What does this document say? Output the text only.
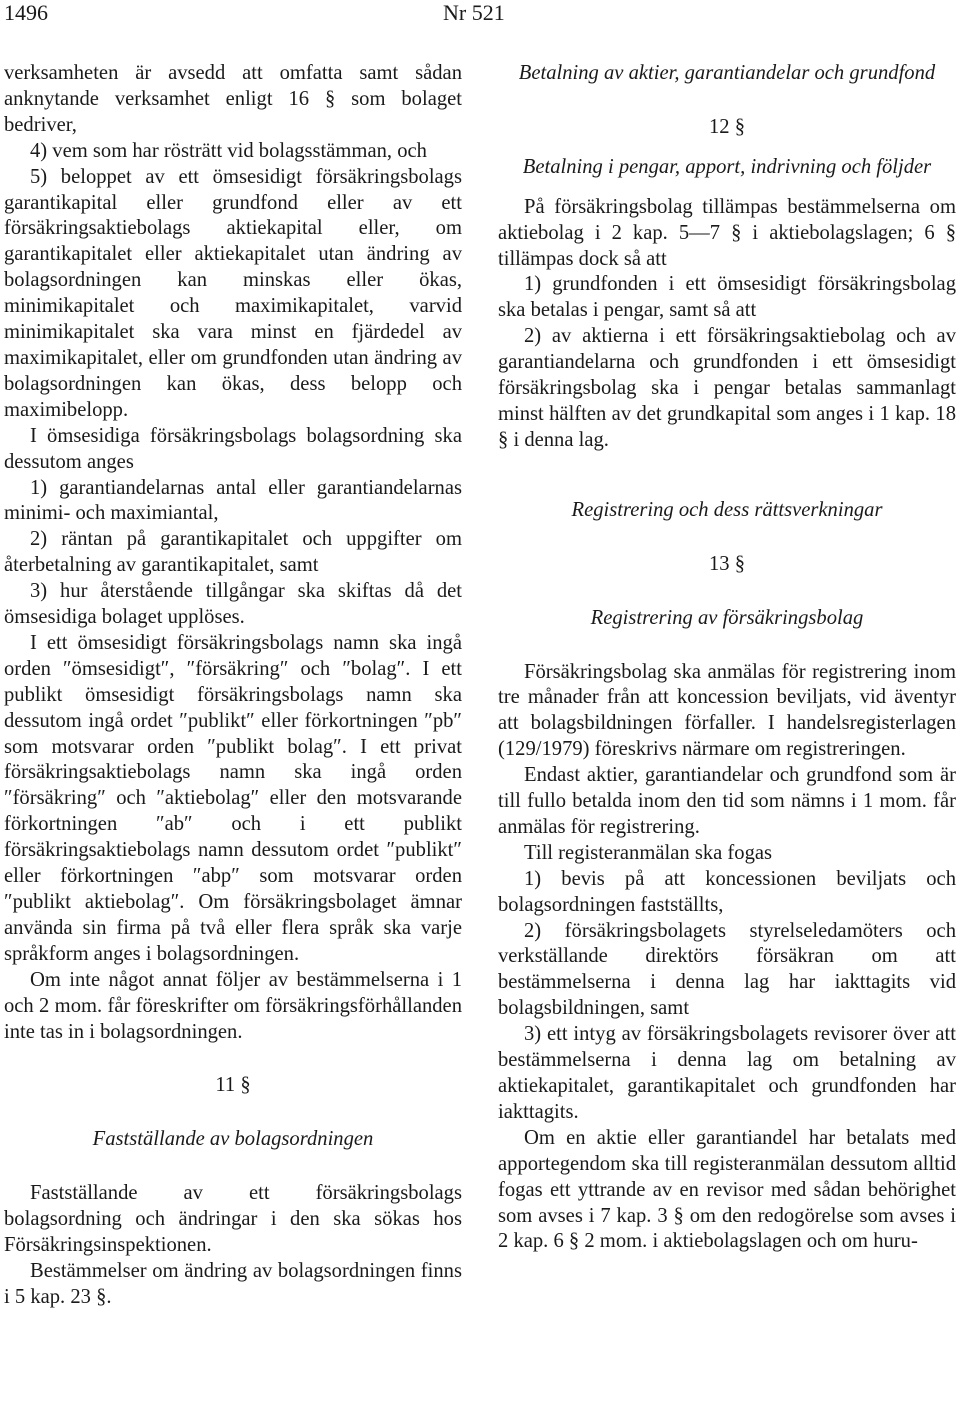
1496	Nr 521

verksamheten är avsedd att omfatta samt sådan anknytande verksamhet enligt 16 § som bolaget bedriver,

4) vem som har rösträtt vid bolagsstämman, och

5) beloppet av ett ömsesidigt försäkringsbolags garantikapital eller grundfond eller av ett försäkringsaktiebolags aktiekapital eller, om garantikapitalet eller aktiekapitalet utan ändring av bolagsordningen kan minskas eller ökas, minimikapitalet och maximikapitalet, varvid minimikapitalet ska vara minst en fjärdedel av maximikapitalet, eller om grundfonden utan ändring av bolagsordningen kan ökas, dess belopp och maximibelopp.

I ömsesidiga försäkringsbolags bolagsordning ska dessutom anges

1) garantiandelarnas antal eller garantiandelarnas minimi- och maximiantal,

2) räntan på garantikapitalet och uppgifter om återbetalning av garantikapitalet, samt

3) hur återstående tillgångar ska skiftas då det ömsesidiga bolaget upplöses.

I ett ömsesidigt försäkringsbolags namn ska ingå orden ″ömsesidigt″, ″försäkring″ och ″bolag″. I ett publikt ömsesidigt försäkringsbolags namn ska dessutom ingå ordet ″publikt″ eller förkortningen ″pb″ som motsvarar orden ″publikt bolag″. I ett privat försäkringsaktiebolags namn ska ingå orden ″försäkring″ och ″aktiebolag″ eller den motsvarande förkortningen ″ab″ och i ett publikt försäkringsaktiebolags namn dessutom ordet ″publikt″ eller förkortningen ″abp″ som motsvarar orden ″publikt aktiebolag″. Om försäkringsbolaget ämnar använda sin firma på två eller flera språk ska varje språkform anges i bolagsordningen.

Om inte något annat följer av bestämmelserna i 1 och 2 mom. får föreskrifter om försäkringsförhållanden inte tas in i bolagsordningen.

11 §

Fastställande av bolagsordningen

Fastställande av ett försäkringsbolags bolagsordning och ändringar i den ska sökas hos Försäkringsinspektionen.

Bestämmelser om ändring av bolagsordningen finns i 5 kap. 23 §.

Betalning av aktier, garantiandelar och grundfond

12 §

Betalning i pengar, apport, indrivning och följder

På försäkringsbolag tillämpas bestämmelserna om aktiebolag i 2 kap. 5—7 § i aktiebolagslagen; 6 § tillämpas dock så att

1) grundfonden i ett ömsesidigt försäkringsbolag ska betalas i pengar, samt så att

2) av aktierna i ett försäkringsaktiebolag och av garantiandelarna och grundfonden i ett ömsesidigt försäkringsbolag ska i pengar betalas sammanlagt minst hälften av det grundkapital som anges i 1 kap. 18 § i denna lag.

Registrering och dess rättsverkningar

13 §

Registrering av försäkringsbolag

Försäkringsbolag ska anmälas för registrering inom tre månader från att koncession beviljats, vid äventyr att bolagsbildningen förfaller. I handelsregisterlagen (129/1979) föreskrivs närmare om registreringen.

Endast aktier, garantiandelar och grundfond som är till fullo betalda inom den tid som nämns i 1 mom. får anmälas för registrering.

Till registeranmälan ska fogas

1) bevis på att koncessionen beviljats och bolagsordningen fastställts,

2) försäkringsbolagets styrelseledamöters och verkställande direktörs försäkran om att bestämmelserna i denna lag har iakttagits vid bolagsbildningen, samt

3) ett intyg av försäkringsbolagets revisorer över att bestämmelserna i denna lag om betalning av aktiekapitalet, garantikapitalet och grundfonden har iakttagits.

Om en aktie eller garantiandel har betalats med apportegendom ska till registeranmälan dessutom alltid fogas ett yttrande av en revisor med sådan behörighet som avses i 7 kap. 3 § om den redogörelse som avses i 2 kap. 6 § 2 mom. i aktiebolagslagen och om huru-
